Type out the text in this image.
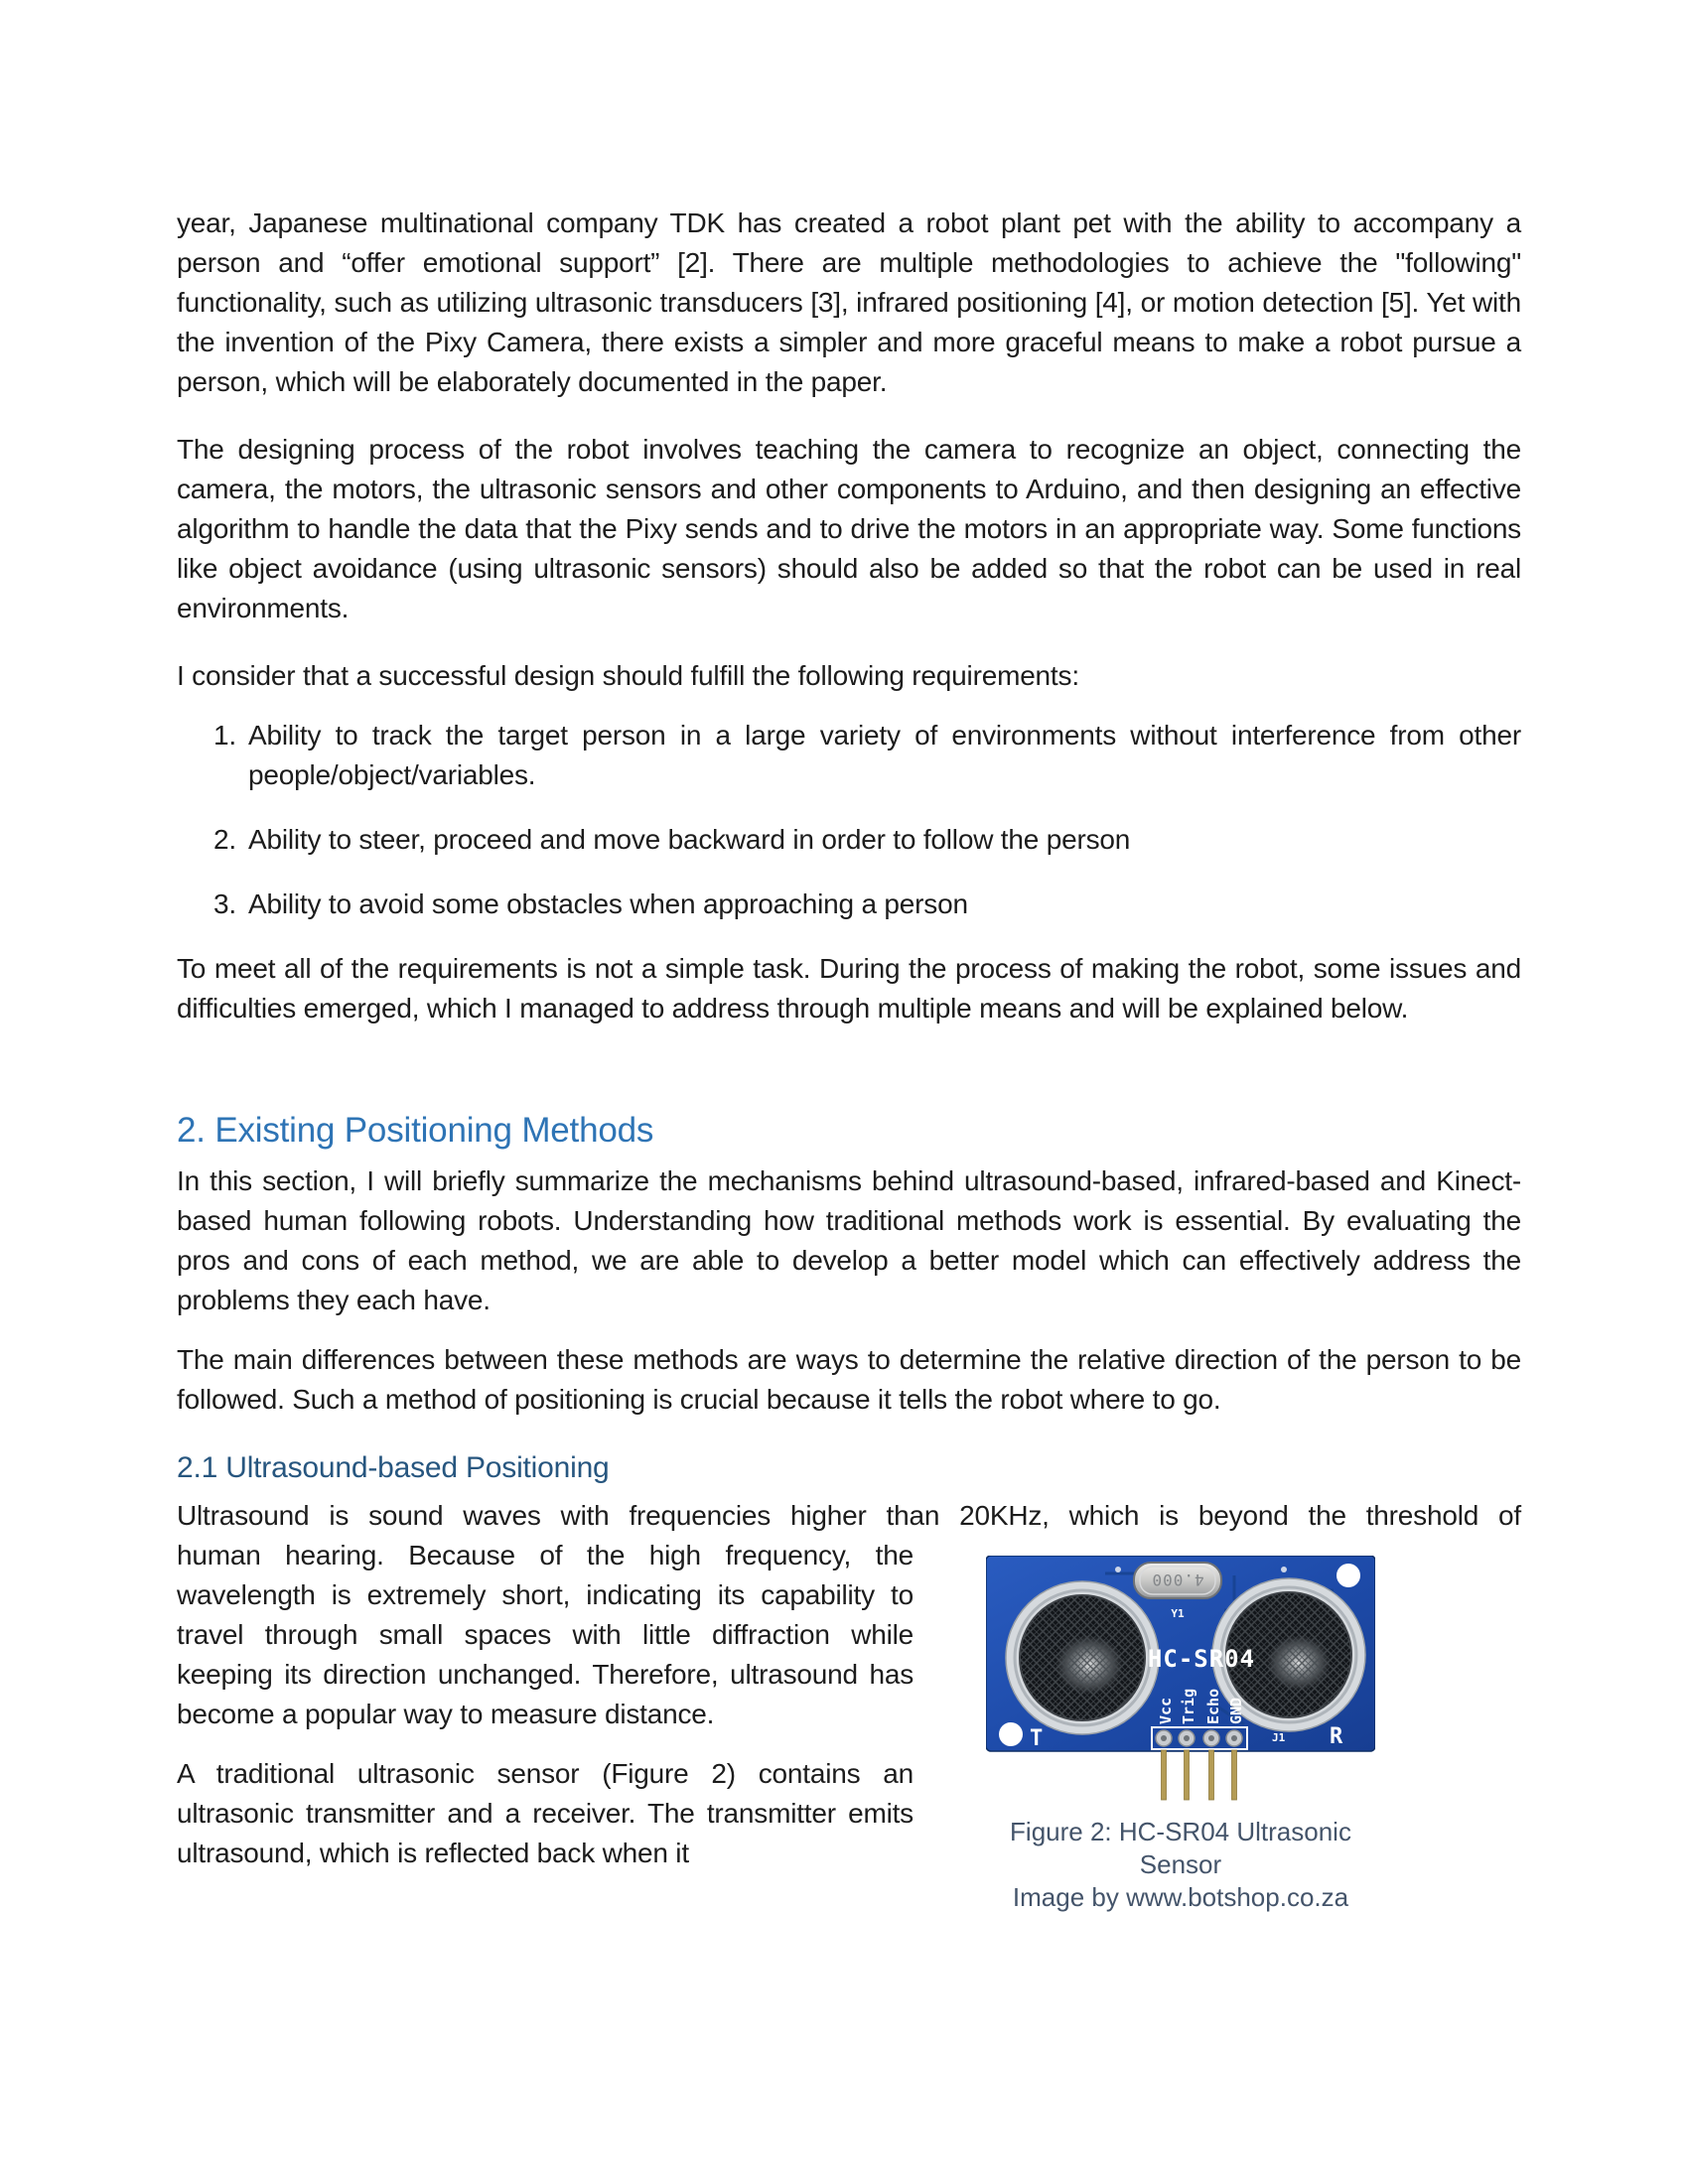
year, Japanese multinational company TDK has created a robot plant pet with the ability to accompany a person and “offer emotional support” [2]. There are multiple methodologies to achieve the "following" functionality, such as utilizing ultrasonic transducers [3], infrared positioning [4], or motion detection [5]. Yet with the invention of the Pixy Camera, there exists a simpler and more graceful means to make a robot pursue a person, which will be elaborately documented in the paper.

The designing process of the robot involves teaching the camera to recognize an object, connecting the camera, the motors, the ultrasonic sensors and other components to Arduino, and then designing an effective algorithm to handle the data that the Pixy sends and to drive the motors in an appropriate way. Some functions like object avoidance (using ultrasonic sensors) should also be added so that the robot can be used in real environments.

I consider that a successful design should fulfill the following requirements:

1. Ability to track the target person in a large variety of environments without interference from other people/object/variables.
2. Ability to steer, proceed and move backward in order to follow the person
3. Ability to avoid some obstacles when approaching a person

To meet all of the requirements is not a simple task. During the process of making the robot, some issues and difficulties emerged, which I managed to address through multiple means and will be explained below.

2. Existing Positioning Methods

In this section, I will briefly summarize the mechanisms behind ultrasound-based, infrared-based and Kinect-based human following robots. Understanding how traditional methods work is essential. By evaluating the pros and cons of each method, we are able to develop a better model which can effectively address the problems they each have.

The main differences between these methods are ways to determine the relative direction of the person to be followed. Such a method of positioning is crucial because it tells the robot where to go.

2.1 Ultrasound-based Positioning

Ultrasound is sound waves with frequencies higher than 20KHz, which is beyond the threshold of

human hearing. Because of the high frequency, the wavelength is extremely short, indicating its capability to travel through small spaces with little diffraction while keeping its direction unchanged. Therefore, ultrasound has become a popular way to measure distance.

A traditional ultrasonic sensor (Figure 2) contains an ultrasonic transmitter and a receiver. The transmitter emits ultrasound, which is reflected back when it

4.000
Y1
HC-SR04
Vcc Trig Echo GND
T	R
J1
Figure 2: HC-SR04 Ultrasonic Sensor
Image by www.botshop.co.za
